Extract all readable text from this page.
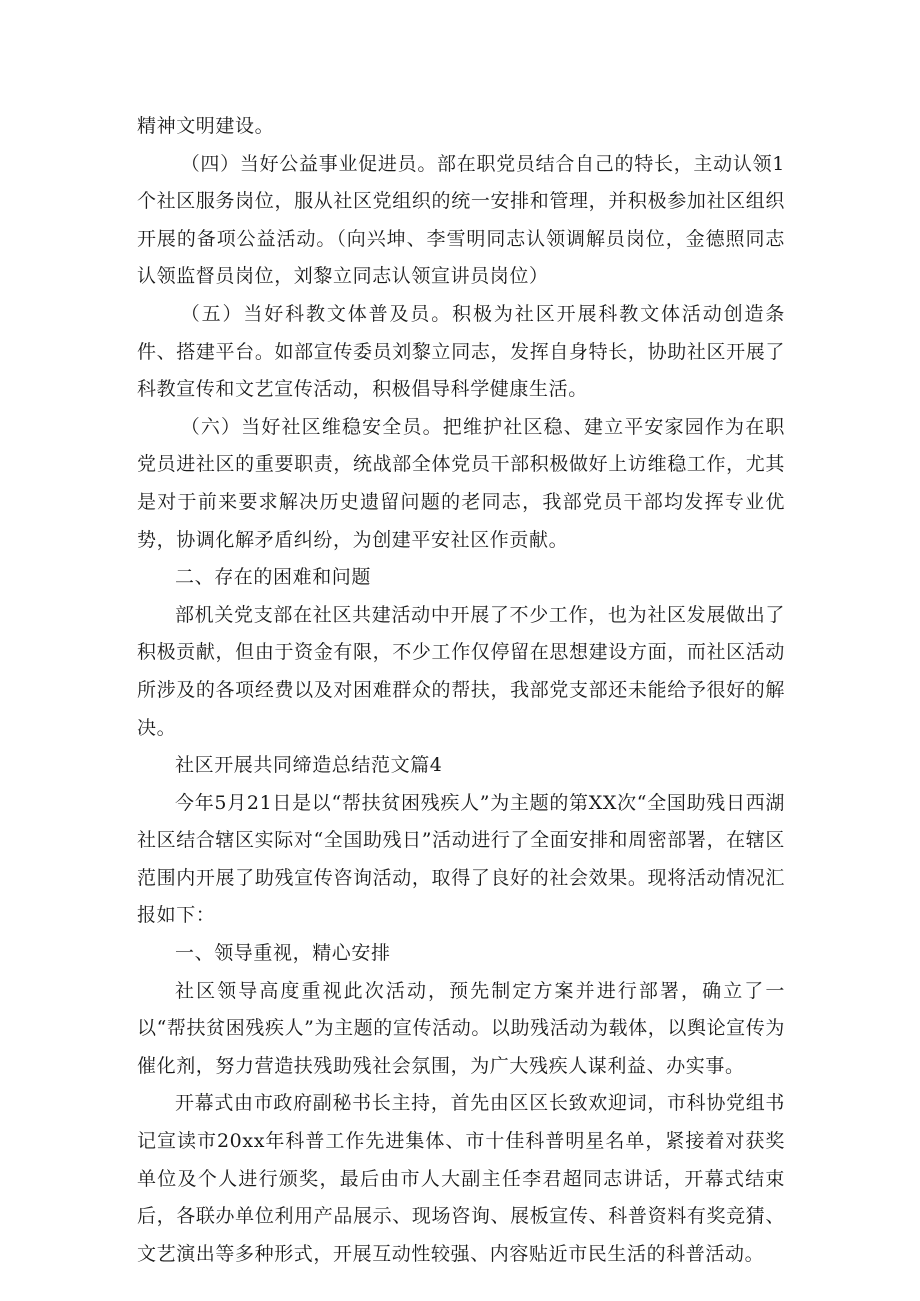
精神文明建设。

（四）当好公益事业促进员。部在职党员结合自己的特长，主动认领1个社区服务岗位，服从社区党组织的统一安排和管理，并积极参加社区组织开展的备项公益活动。（向兴坤、李雪明同志认领调解员岗位，金德照同志认领监督员岗位，刘黎立同志认领宣讲员岗位）

（五）当好科教文体普及员。积极为社区开展科教文体活动创造条件、搭建平台。如部宣传委员刘黎立同志，发挥自身特长，协助社区开展了科教宣传和文艺宣传活动，积极倡导科学健康生活。

（六）当好社区维稳安全员。把维护社区稳、建立平安家园作为在职党员进社区的重要职责，统战部全体党员干部积极做好上访维稳工作，尤其是对于前来要求解决历史遗留问题的老同志，我部党员干部均发挥专业优势，协调化解矛盾纠纷，为创建平安社区作贡献。

二、存在的困难和问题

部机关党支部在社区共建活动中开展了不少工作，也为社区发展做出了积极贡献，但由于资金有限，不少工作仅停留在思想建设方面，而社区活动所涉及的各项经费以及对困难群众的帮扶，我部党支部还未能给予很好的解决。

社区开展共同缔造总结范文篇4

今年5月21日是以“帮扶贫困残疾人”为主题的第XX次“全国助残日西湖社区结合辖区实际对“全国助残日”活动进行了全面安排和周密部署，在辖区范围内开展了助残宣传咨询活动，取得了良好的社会效果。现将活动情况汇报如下：

一、领导重视，精心安排

社区领导高度重视此次活动，预先制定方案并进行部署，确立了一以“帮扶贫困残疾人”为主题的宣传活动。以助残活动为载体，以舆论宣传为催化剂，努力营造扶残助残社会氛围，为广大残疾人谋利益、办实事。

开幕式由市政府副秘书长主持，首先由区区长致欢迎词，市科协党组书记宣读市20xx年科普工作先进集体、市十佳科普明星名单，紧接着对获奖单位及个人进行颁奖，最后由市人大副主任李君超同志讲话，开幕式结束后，各联办单位利用产品展示、现场咨询、展板宣传、科普资料有奖竞猜、文艺演出等多种形式，开展互动性较强、内容贴近市民生活的科普活动。
